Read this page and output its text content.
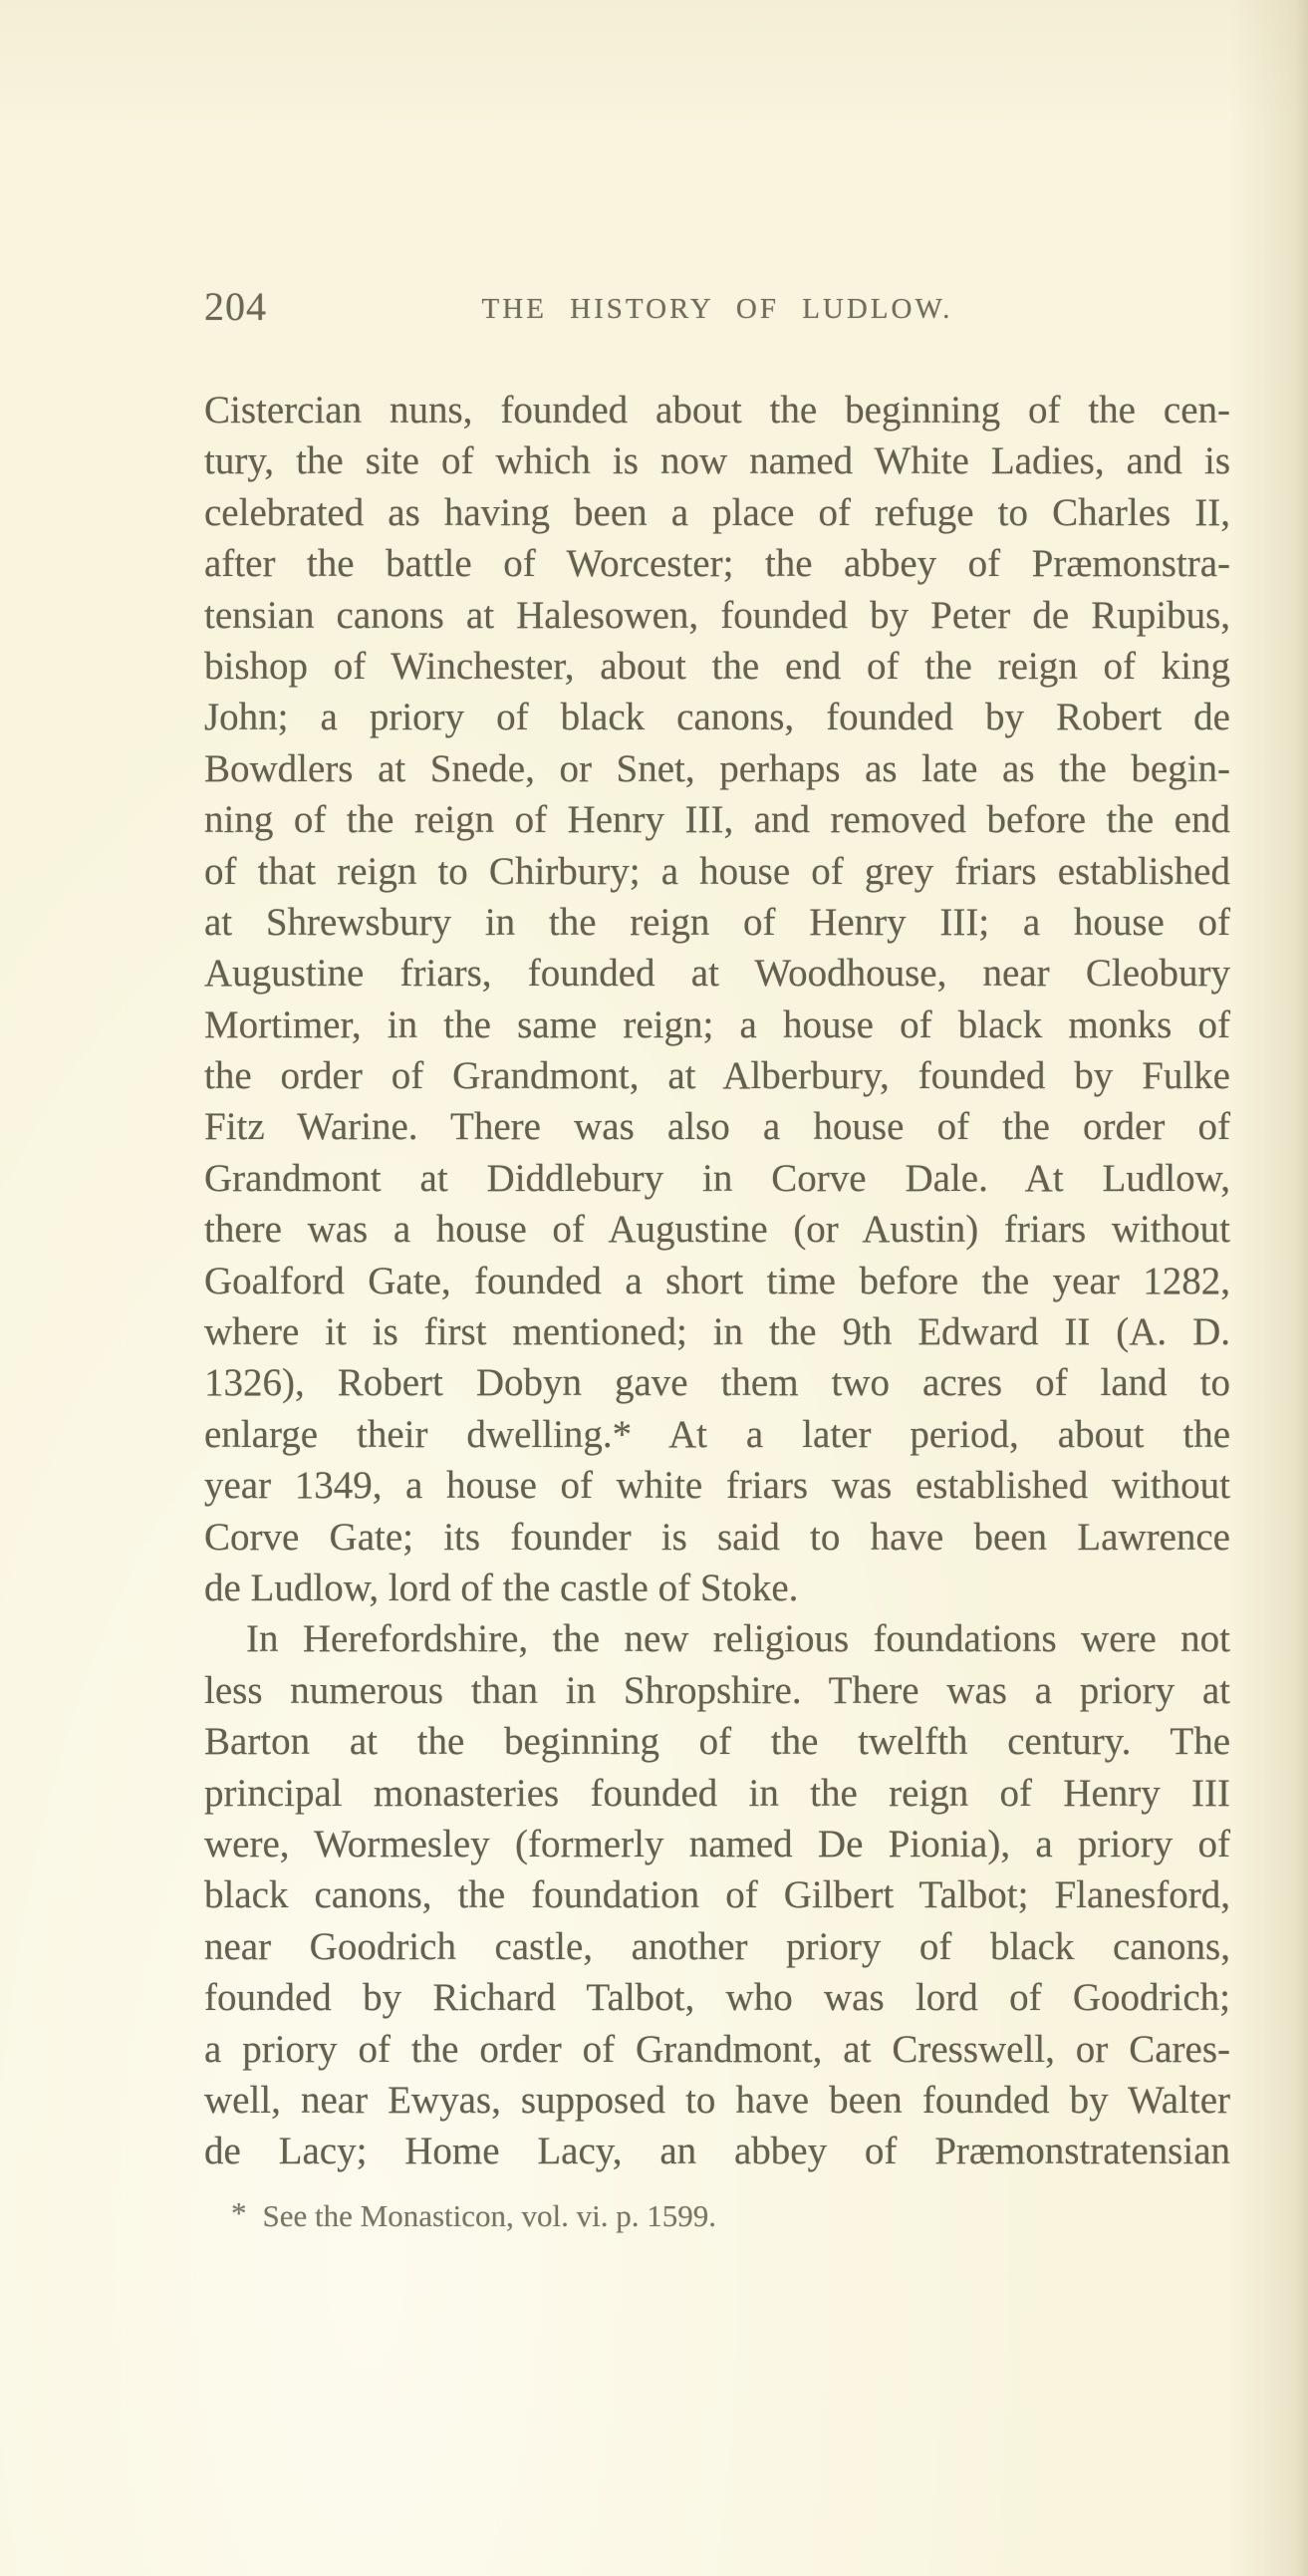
204	THE HISTORY OF LUDLOW.
Cistercian nuns, founded about the beginning of the cen-
tury, the site of which is now named White Ladies, and is
celebrated as having been a place of refuge to Charles II,
after the battle of Worcester; the abbey of Præmonstra-
tensian canons at Halesowen, founded by Peter de Rupibus,
bishop of Winchester, about the end of the reign of king
John; a priory of black canons, founded by Robert de
Bowdlers at Snede, or Snet, perhaps as late as the begin-
ning of the reign of Henry III, and removed before the end
of that reign to Chirbury; a house of grey friars established
at Shrewsbury in the reign of Henry III; a house of
Augustine friars, founded at Woodhouse, near Cleobury
Mortimer, in the same reign; a house of black monks of
the order of Grandmont, at Alberbury, founded by Fulke
Fitz Warine. There was also a house of the order of
Grandmont at Diddlebury in Corve Dale. At Ludlow,
there was a house of Augustine (or Austin) friars without
Goalford Gate, founded a short time before the year 1282,
where it is first mentioned; in the 9th Edward II (A. D.
1326), Robert Dobyn gave them two acres of land to
enlarge their dwelling.* At a later period, about the
year 1349, a house of white friars was established without
Corve Gate; its founder is said to have been Lawrence
de Ludlow, lord of the castle of Stoke.
In Herefordshire, the new religious foundations were not
less numerous than in Shropshire. There was a priory at
Barton at the beginning of the twelfth century. The
principal monasteries founded in the reign of Henry III
were, Wormesley (formerly named De Pionia), a priory of
black canons, the foundation of Gilbert Talbot; Flanesford,
near Goodrich castle, another priory of black canons,
founded by Richard Talbot, who was lord of Goodrich;
a priory of the order of Grandmont, at Cresswell, or Cares-
well, near Ewyas, supposed to have been founded by Walter
de Lacy; Home Lacy, an abbey of Præmonstratensian
* See the Monasticon, vol. vi. p. 1599.
